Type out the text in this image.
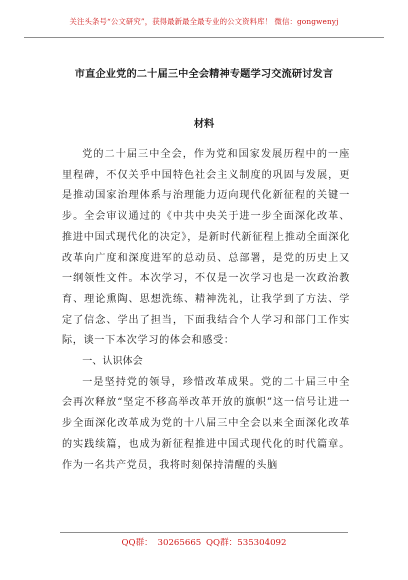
关注头条号“公文研究”，获得最新最全最专业的公文资料库！ 微信：gongwenyj
市直企业党的二十届三中全会精神专题学习交流研讨发言
材料

党的二十届三中全会，作为党和国家发展历程中的一座里程碑，不仅关乎中国特色社会主义制度的巩固与发展，更是推动国家治理体系与治理能力迈向现代化新征程的关键一步。全会审议通过的《中共中央关于进一步全面深化改革、推进中国式现代化的决定》，是新时代新征程上推动全面深化改革向广度和深度进军的总动员、总部署，是党的历史上又一纲领性文件。本次学习，不仅是一次学习也是一次政治教育、理论熏陶、思想洗练、精神洗礼，让我学到了方法、学定了信念、学出了担当，下面我结合个人学习和部门工作实际，谈一下本次学习的体会和感受：

一、认识体会

一是坚持党的领导，珍惜改革成果。党的二十届三中全会再次释放“坚定不移高举改革开放的旗帜”这一信号让进一步全面深化改革成为党的十八届三中全会以来全面深化改革的实践续篇，也成为新征程推进中国式现代化的时代篇章。作为一名共产党员，我将时刻保持清醒的头脑

QQ群： 30265665 QQ群：535304092
